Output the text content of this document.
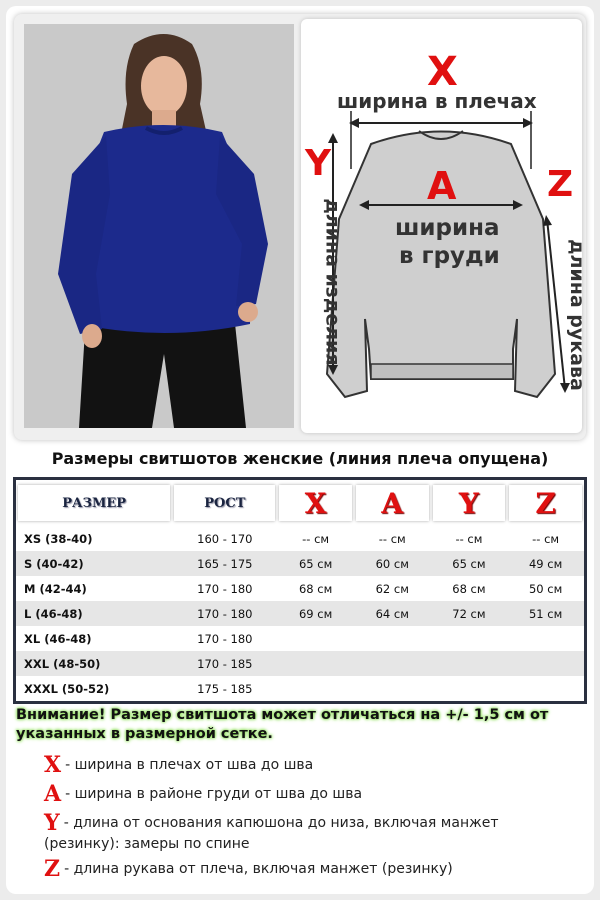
X
ширина в плечах
Y
A	Z
ширина
в груди
длина изделия	длина рукава
Размеры свитшотов женские (линия плеча опущена)
РАЗМЕР	РОСТ	X	A	Y	Z

XS (38-40)	160 - 170	-- см	-- см	-- см	-- см
S (40-42)	165 - 175	65 см	60 см	65 см	49 см
M (42-44)	170 - 180	68 см	62 см	68 см	50 см
L (46-48)	170 - 180	69 см	64 см	72 см	51 см
XL (46-48)	170 - 180				
XXL (48-50)	170 - 185				
XXXL (50-52)	175 - 185				
Внимание! Размер свитшота может отличаться на +/- 1,5 см от указанных в размерной сетке.
X - ширина в плечах от шва до шва
A - ширина в районе груди от шва до шва
Y - длина от основания капюшона до низа, включая манжет
(резинку): замеры по спине
Z - длина рукава от плеча, включая манжет (резинку)
